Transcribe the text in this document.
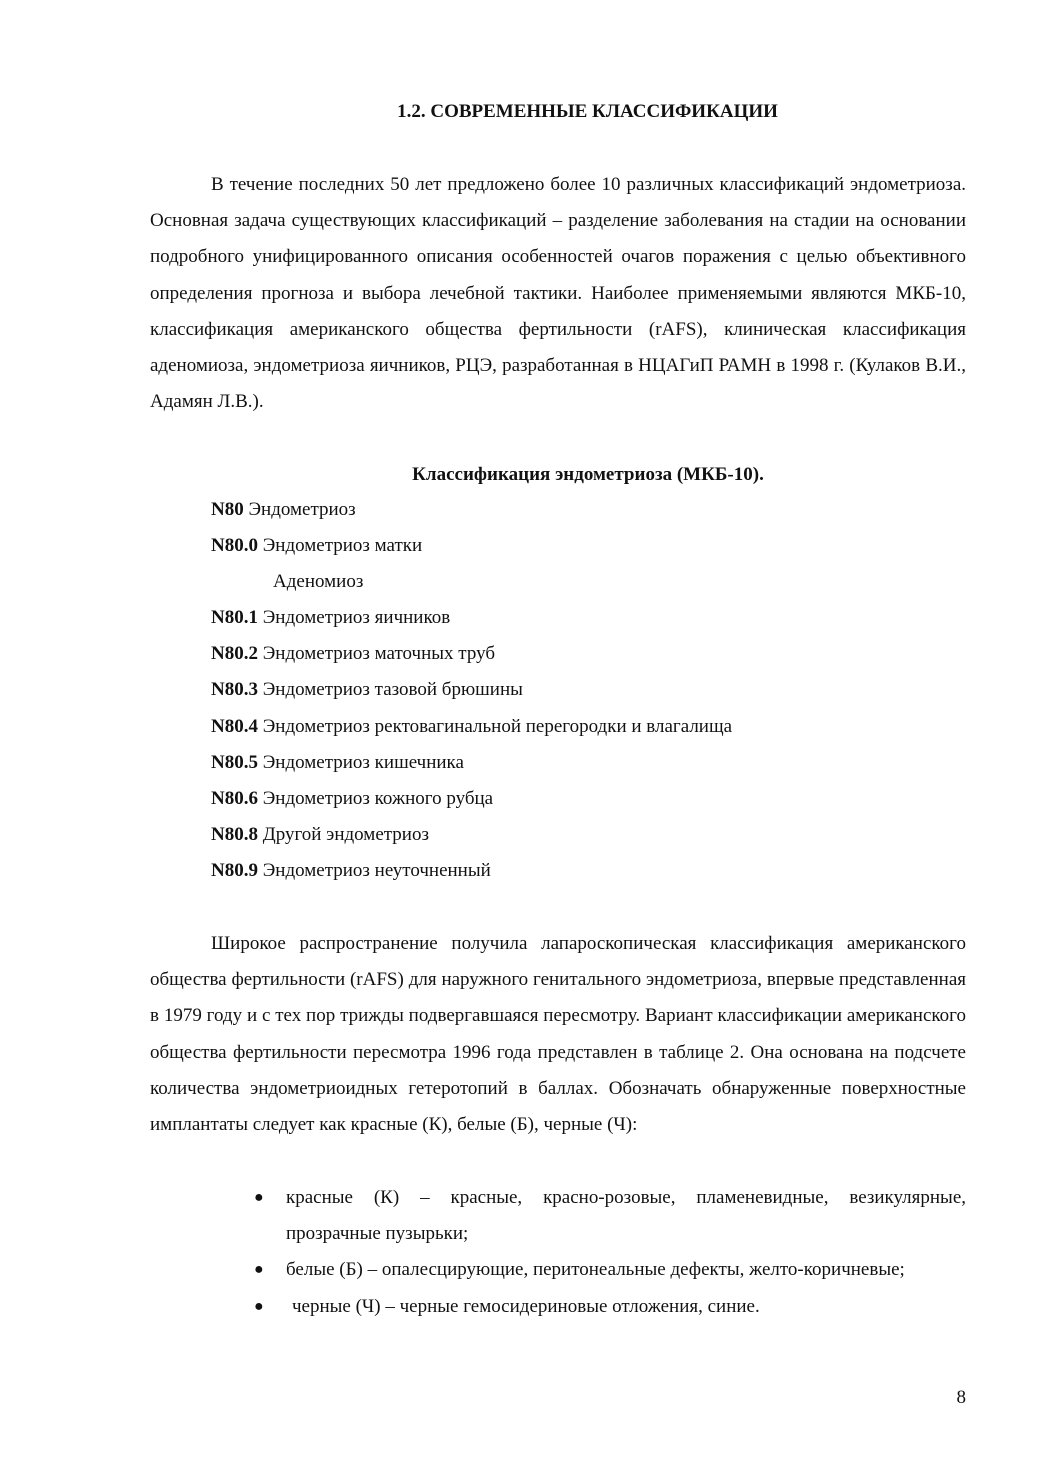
1.2. СОВРЕМЕННЫЕ КЛАССИФИКАЦИИ

В течение последних 50 лет предложено более 10 различных классификаций эндометриоза. Основная задача существующих классификаций – разделение заболевания на стадии на основании подробного унифицированного описания особенностей очагов поражения с целью объективного определения прогноза и выбора лечебной тактики. Наиболее применяемыми являются МКБ-10, классификация американского общества фертильности (rAFS), клиническая классификация аденомиоза, эндометриоза яичников, РЦЭ, разработанная в НЦАГиП РАМН в 1998 г. (Кулаков В.И., Адамян Л.В.).

Классификация эндометриоза (МКБ-10).

N80 Эндометриоз
N80.0 Эндометриоз матки
Аденомиоз
N80.1 Эндометриоз яичников
N80.2 Эндометриоз маточных труб
N80.3 Эндометриоз тазовой брюшины
N80.4 Эндометриоз ректовагинальной перегородки и влагалища
N80.5 Эндометриоз кишечника
N80.6 Эндометриоз кожного рубца
N80.8 Другой эндометриоз
N80.9 Эндометриоз неуточненный

Широкое распространение получила лапароскопическая классификация американского общества фертильности (rAFS) для наружного генитального эндометриоза, впервые представленная в 1979 году и с тех пор трижды подвергавшаяся пересмотру. Вариант классификации американского общества фертильности пересмотра 1996 года представлен в таблице 2. Она основана на подсчете количества эндометриоидных гетеротопий в баллах. Обозначать обнаруженные поверхностные имплантаты следует как красные (К), белые (Б), черные (Ч):

● красные (К) – красные, красно-розовые, пламеневидные, везикулярные, прозрачные пузырьки;
● белые (Б) – опалесцирующие, перитонеальные дефекты, желто-коричневые;
● черные (Ч) – черные гемосидериновые отложения, синие.

8
